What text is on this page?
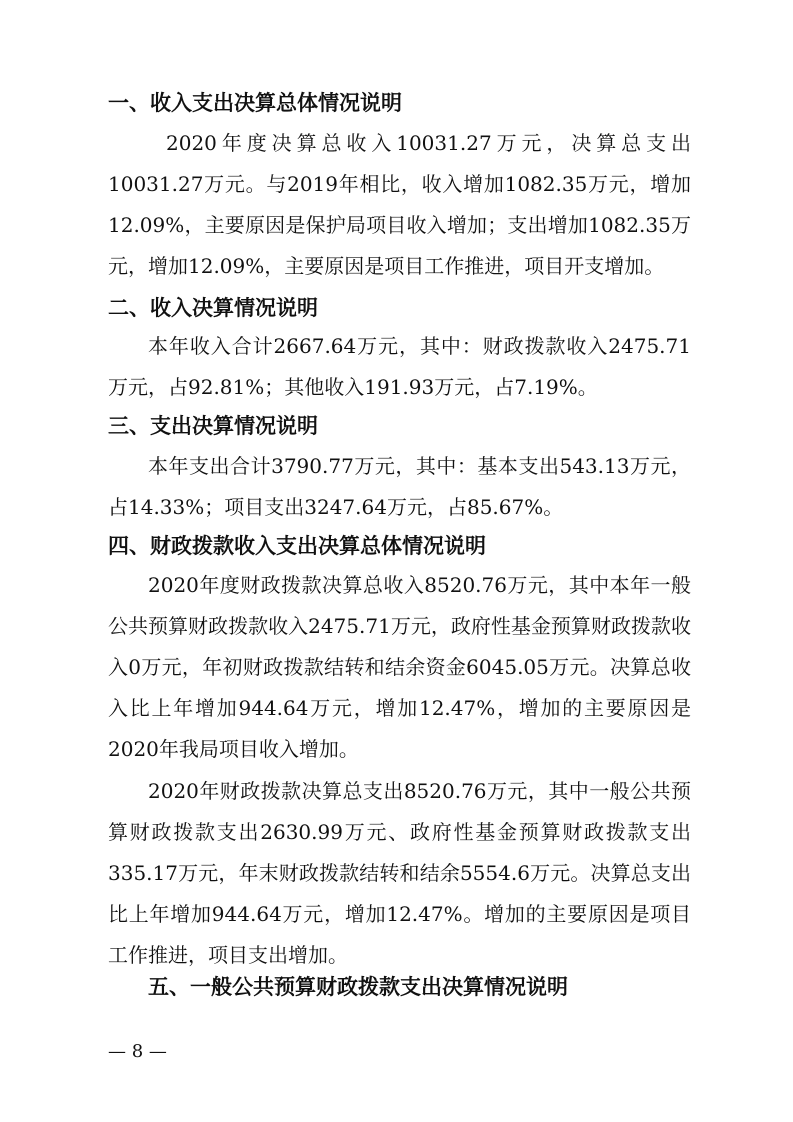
一、收入支出决算总体情况说明

2020年度决算总收入10031.27万元，决算总支出10031.27万元。与2019年相比，收入增加1082.35万元，增加12.09%，主要原因是保护局项目收入增加；支出增加1082.35万元，增加12.09%，主要原因是项目工作推进，项目开支增加。

二、收入决算情况说明

本年收入合计2667.64万元，其中：财政拨款收入2475.71万元，占92.81%；其他收入191.93万元，占7.19%。

三、支出决算情况说明

本年支出合计3790.77万元，其中：基本支出543.13万元，占14.33%；项目支出3247.64万元，占85.67%。

四、财政拨款收入支出决算总体情况说明

2020年度财政拨款决算总收入8520.76万元，其中本年一般公共预算财政拨款收入2475.71万元，政府性基金预算财政拨款收入0万元，年初财政拨款结转和结余资金6045.05万元。决算总收入比上年增加944.64万元，增加12.47%，增加的主要原因是2020年我局项目收入增加。

2020年财政拨款决算总支出8520.76万元，其中一般公共预算财政拨款支出2630.99万元、政府性基金预算财政拨款支出335.17万元，年末财政拨款结转和结余5554.6万元。决算总支出比上年增加944.64万元，增加12.47%。增加的主要原因是项目工作推进，项目支出增加。

五、一般公共预算财政拨款支出决算情况说明
— 8 —
